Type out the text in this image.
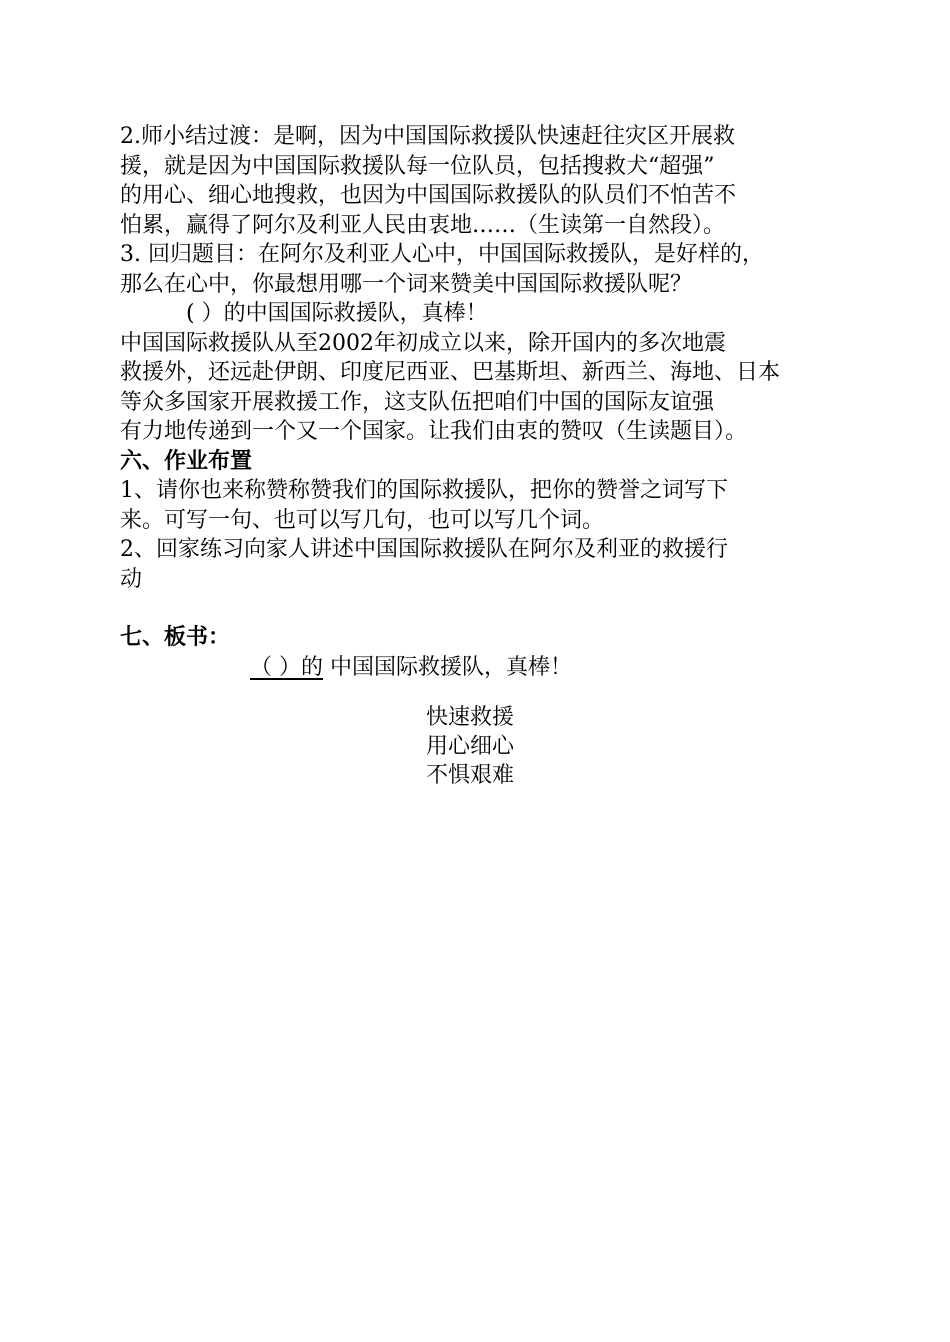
2.师小结过渡：是啊，因为中国国际救援队快速赶往灾区开展救
援，就是因为中国国际救援队每一位队员，包括搜救犬“超强”
的用心、细心地搜救，也因为中国国际救援队的队员们不怕苦不
怕累，赢得了阿尔及利亚人民由衷地……（生读第一自然段）。
3. 回归题目：在阿尔及利亚人心中，中国国际救援队，是好样的，
那么在心中，你最想用哪一个词来赞美中国国际救援队呢？
( ）的中国国际救援队，真棒！
中国国际救援队从至2002年初成立以来，除开国内的多次地震
救援外，还远赴伊朗、印度尼西亚、巴基斯坦、新西兰、海地、日本
等众多国家开展救援工作，这支队伍把咱们中国的国际友谊强
有力地传递到一个又一个国家。让我们由衷的赞叹（生读题目）。
六、作业布置
1、请你也来称赞称赞我们的国际救援队，把你的赞誉之词写下
来。可写一句、也可以写几句，也可以写几个词。
2、回家练习向家人讲述中国国际救援队在阿尔及利亚的救援行
动
七、板书：
（ ）的 中国国际救援队，真棒！
快速救援
用心细心
不惧艰难
